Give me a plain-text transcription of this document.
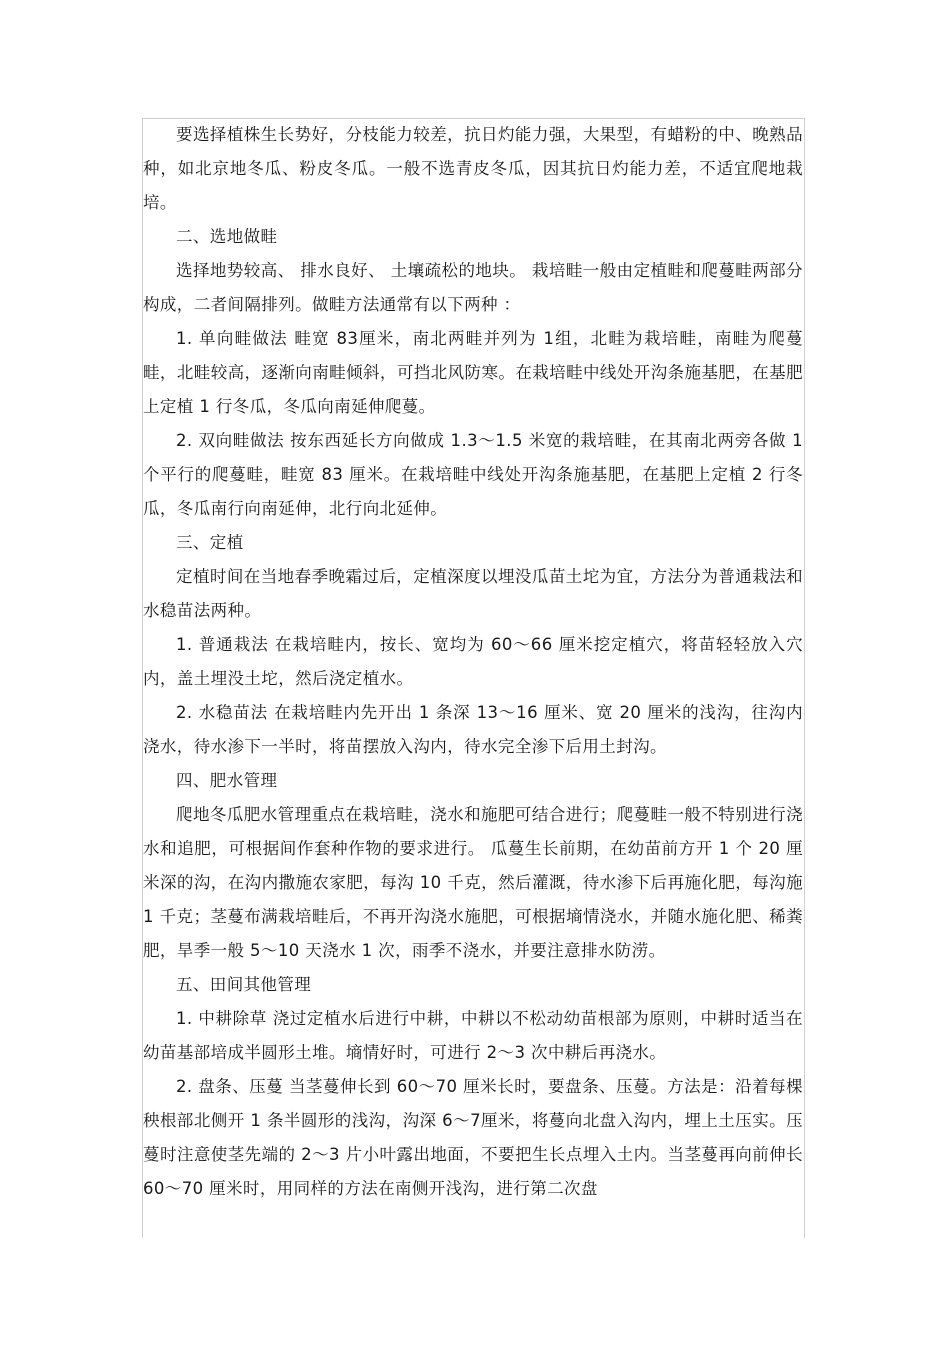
要选择植株生长势好，分枝能力较差，抗日灼能力强，大果型，有蜡粉的中、晚熟品种，如北京地冬瓜、粉皮冬瓜。一般不选青皮冬瓜，因其抗日灼能力差，不适宜爬地栽培。

二、选地做畦

选择地势较高、 排水良好、 土壤疏松的地块。 栽培畦一般由定植畦和爬蔓畦两部分构成，二者间隔排列。做畦方法通常有以下两种 ：

1. 单向畦做法 畦宽 83厘米，南北两畦并列为 1组，北畦为栽培畦，南畦为爬蔓畦，北畦较高，逐渐向南畦倾斜，可挡北风防寒。在栽培畦中线处开沟条施基肥，在基肥上定植 1 行冬瓜，冬瓜向南延伸爬蔓。

2. 双向畦做法 按东西延长方向做成 1.3～1.5 米宽的栽培畦，在其南北两旁各做 1 个平行的爬蔓畦，畦宽 83 厘米。在栽培畦中线处开沟条施基肥，在基肥上定植 2 行冬瓜，冬瓜南行向南延伸，北行向北延伸。

三、定植

定植时间在当地春季晚霜过后，定植深度以埋没瓜苗土坨为宜，方法分为普通栽法和水稳苗法两种。

1. 普通栽法 在栽培畦内，按长、宽均为 60～66 厘米挖定植穴，将苗轻轻放入穴内，盖土埋没土坨，然后浇定植水。

2. 水稳苗法 在栽培畦内先开出 1 条深 13～16 厘米、宽 20 厘米的浅沟，往沟内浇水，待水渗下一半时，将苗摆放入沟内，待水完全渗下后用土封沟。

四、肥水管理

爬地冬瓜肥水管理重点在栽培畦，浇水和施肥可结合进行；爬蔓畦一般不特别进行浇水和追肥，可根据间作套种作物的要求进行。 瓜蔓生长前期，在幼苗前方开 1 个 20 厘米深的沟，在沟内撒施农家肥，每沟 10 千克，然后灌溉，待水渗下后再施化肥，每沟施 1 千克；茎蔓布满栽培畦后，不再开沟浇水施肥，可根据墒情浇水，并随水施化肥、稀粪肥，旱季一般 5～10 天浇水 1 次，雨季不浇水，并要注意排水防涝。

五、田间其他管理

1. 中耕除草 浇过定植水后进行中耕，中耕以不松动幼苗根部为原则，中耕时适当在幼苗基部培成半圆形土堆。墒情好时，可进行 2～3 次中耕后再浇水。

2. 盘条、压蔓 当茎蔓伸长到 60～70 厘米长时，要盘条、压蔓。方法是：沿着每棵秧根部北侧开 1 条半圆形的浅沟，沟深 6～7厘米，将蔓向北盘入沟内，埋上土压实。压蔓时注意使茎先端的 2～3 片小叶露出地面，不要把生长点埋入土内。当茎蔓再向前伸长 60～70 厘米时，用同样的方法在南侧开浅沟，进行第二次盘
